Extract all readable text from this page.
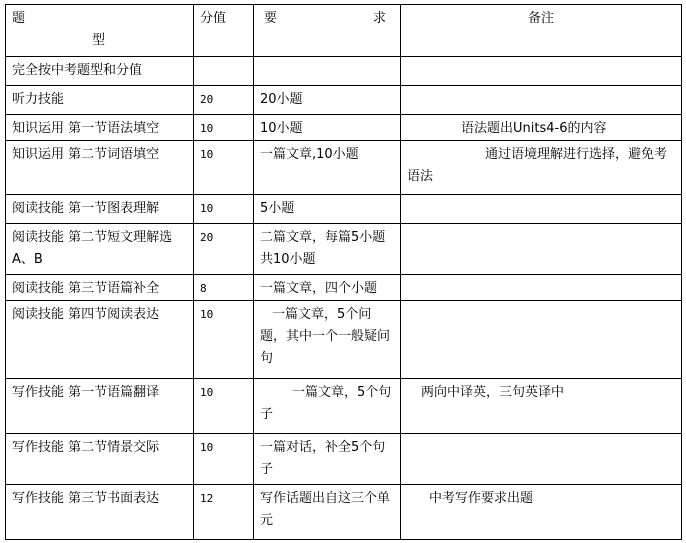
题
型	分值	要 求	备注
完全按中考题型和分值			
听力技能	20	20小题	
知识运用 第一节语法填空	10	10小题	语法题出Units4-6的内容
知识运用 第二节词语填空	10	一篇文章,10小题	通过语境理解进行选择，避免考语法
阅读技能 第一节图表理解	10	5小题	
阅读技能 第二节短文理解选A、B	20	二篇文章，每篇5小题共10小题	
阅读技能 第三节语篇补全	8	一篇文章，四个小题	
阅读技能 第四节阅读表达	10	一篇文章，5个问题，其中一个一般疑问句	
写作技能 第一节语篇翻译	10	一篇文章，5个句子	两向中译英，三句英译中
写作技能 第二节情景交际	10	一篇对话，补全5个句子	
写作技能 第三节书面表达	12	写作话题出自这三个单元	中考写作要求出题
